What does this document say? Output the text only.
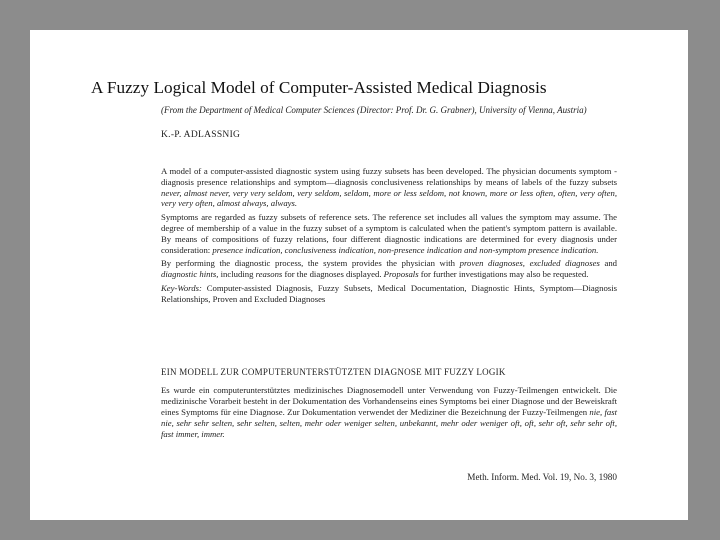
A Fuzzy Logical Model of Computer-Assisted Medical Diagnosis
(From the Department of Medical Computer Sciences (Director: Prof. Dr. G. Grabner), University of Vienna, Austria)
K.-P. ADLASSNIG

A model of a computer-assisted diagnostic system using fuzzy subsets has been developed. The physician documents symptom - diagnosis presence relationships and symptom—diagnosis conclusiveness relationships by means of labels of the fuzzy subsets never, almost never, very very seldom, very seldom, seldom, more or less seldom, not known, more or less often, often, very often, very very often, almost always, always.

Symptoms are regarded as fuzzy subsets of reference sets. The reference set includes all values the symptom may assume. The degree of membership of a value in the fuzzy subset of a symptom is calculated when the patient's symptom pattern is available. By means of compositions of fuzzy relations, four different diagnostic indications are determined for every diagnosis under consideration: presence indication, conclusiveness indication, non-presence indication and non-symptom presence indication.

By performing the diagnostic process, the system provides the physician with proven diagnoses, excluded diagnoses and diagnostic hints, including reasons for the diagnoses displayed. Proposals for further investigations may also be requested.

Key-Words: Computer-assisted Diagnosis, Fuzzy Subsets, Medical Documentation, Diagnostic Hints, Symptom—Diagnosis Relationships, Proven and Excluded Diagnoses

EIN MODELL ZUR COMPUTERUNTERSTÜTZTEN DIAGNOSE MIT FUZZY LOGIK

Es wurde ein computerunterstütztes medizinisches Diagnosemodell unter Verwendung von Fuzzy-Teilmengen entwickelt. Die medizinische Vorarbeit besteht in der Dokumentation des Vorhandenseins eines Symptoms bei einer Diagnose und der Beweiskraft eines Symptoms für eine Diagnose. Zur Dokumentation verwendet der Mediziner die Bezeichnung der Fuzzy-Teilmengen nie, fast nie, sehr sehr selten, sehr selten, selten, mehr oder weniger selten, unbekannt, mehr oder weniger oft, oft, sehr oft, sehr sehr oft, fast immer, immer.

Meth. Inform. Med. Vol. 19, No. 3, 1980
